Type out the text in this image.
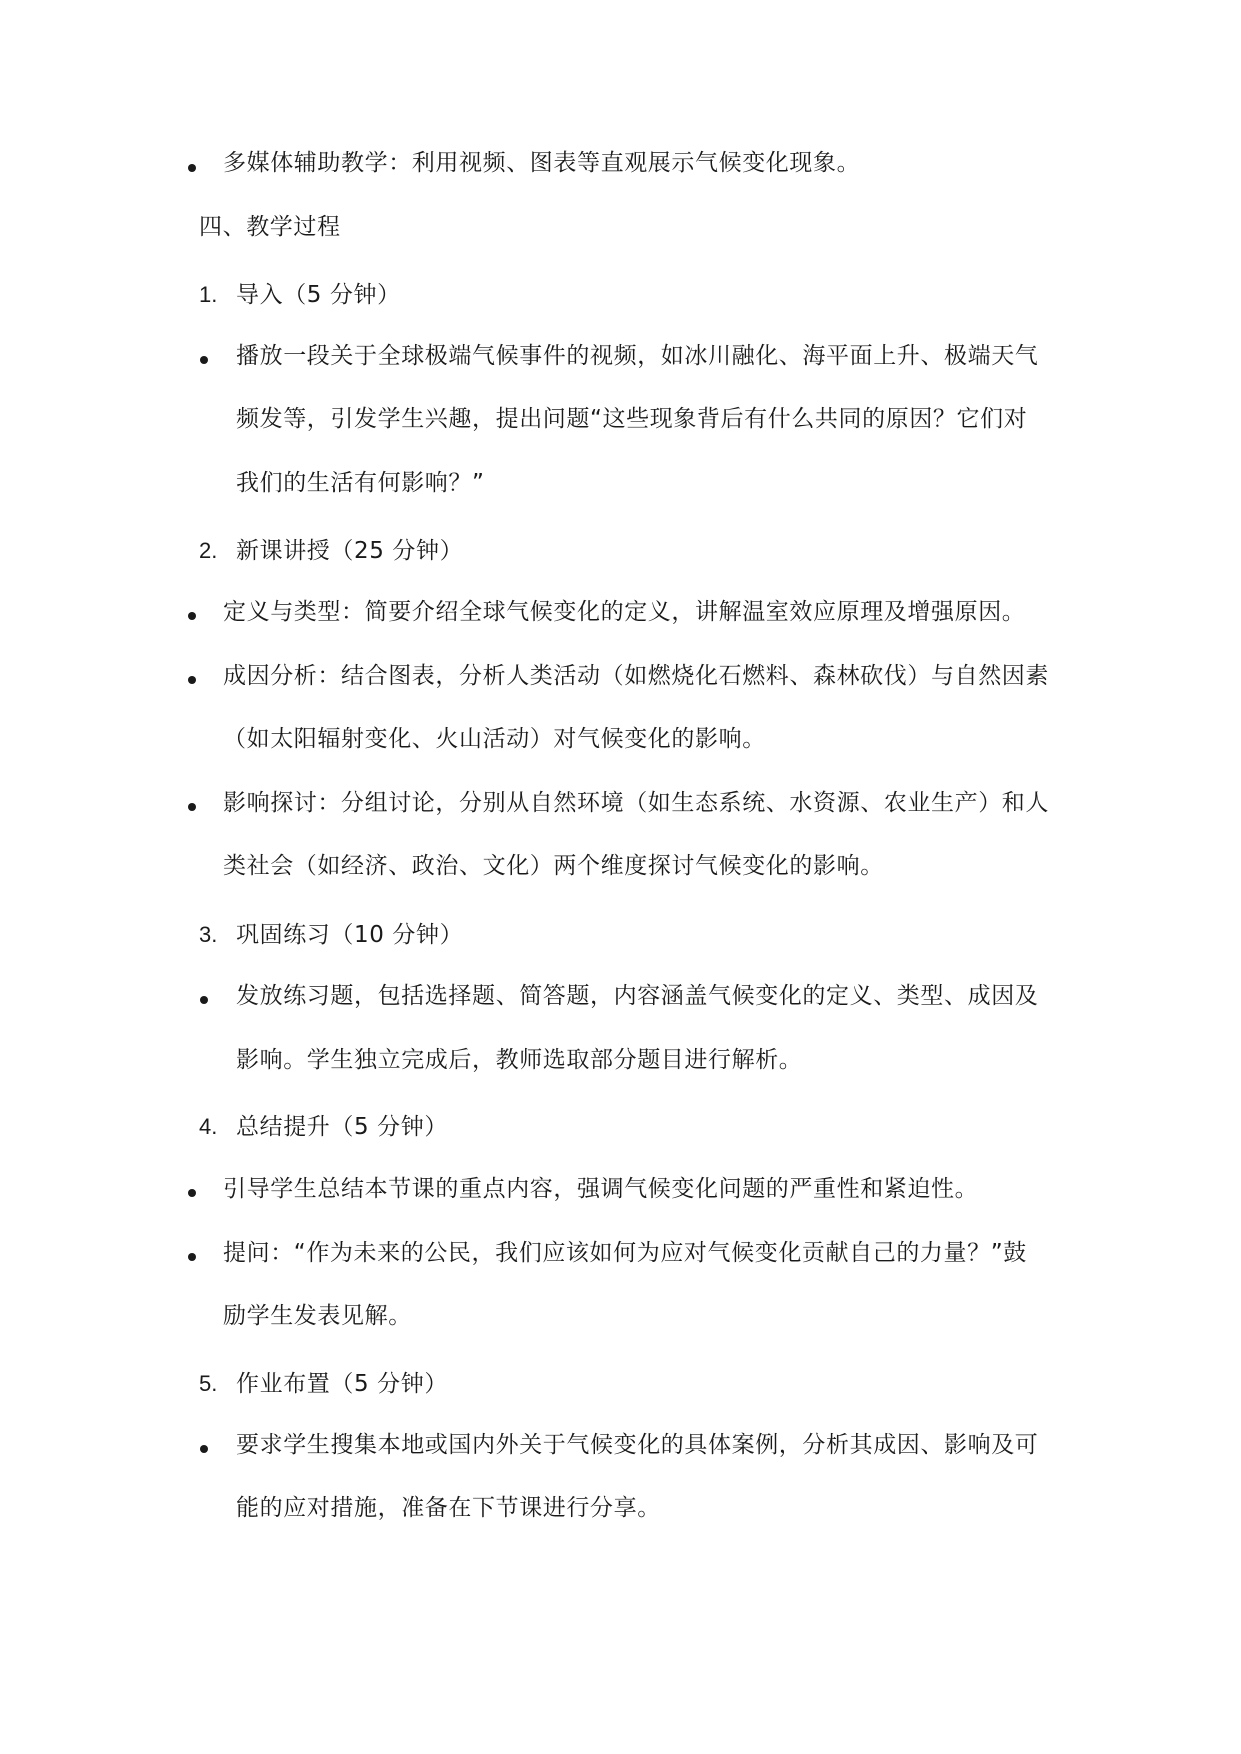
多媒体辅助教学：利用视频、图表等直观展示气候变化现象。
四、教学过程
1. 导入（5 分钟）
播放一段关于全球极端气候事件的视频，如冰川融化、海平面上升、极端天气
频发等，引发学生兴趣，提出问题“这些现象背后有什么共同的原因？它们对
我们的生活有何影响？”
2. 新课讲授（25 分钟）
定义与类型：简要介绍全球气候变化的定义，讲解温室效应原理及增强原因。
成因分析：结合图表，分析人类活动（如燃烧化石燃料、森林砍伐）与自然因素
（如太阳辐射变化、火山活动）对气候变化的影响。
影响探讨：分组讨论，分别从自然环境（如生态系统、水资源、农业生产）和人
类社会（如经济、政治、文化）两个维度探讨气候变化的影响。
3. 巩固练习（10 分钟）
发放练习题，包括选择题、简答题，内容涵盖气候变化的定义、类型、成因及
影响。学生独立完成后，教师选取部分题目进行解析。
4. 总结提升（5 分钟）
引导学生总结本节课的重点内容，强调气候变化问题的严重性和紧迫性。
提问：“作为未来的公民，我们应该如何为应对气候变化贡献自己的力量？”鼓
励学生发表见解。
5. 作业布置（5 分钟）
要求学生搜集本地或国内外关于气候变化的具体案例，分析其成因、影响及可
能的应对措施，准备在下节课进行分享。
